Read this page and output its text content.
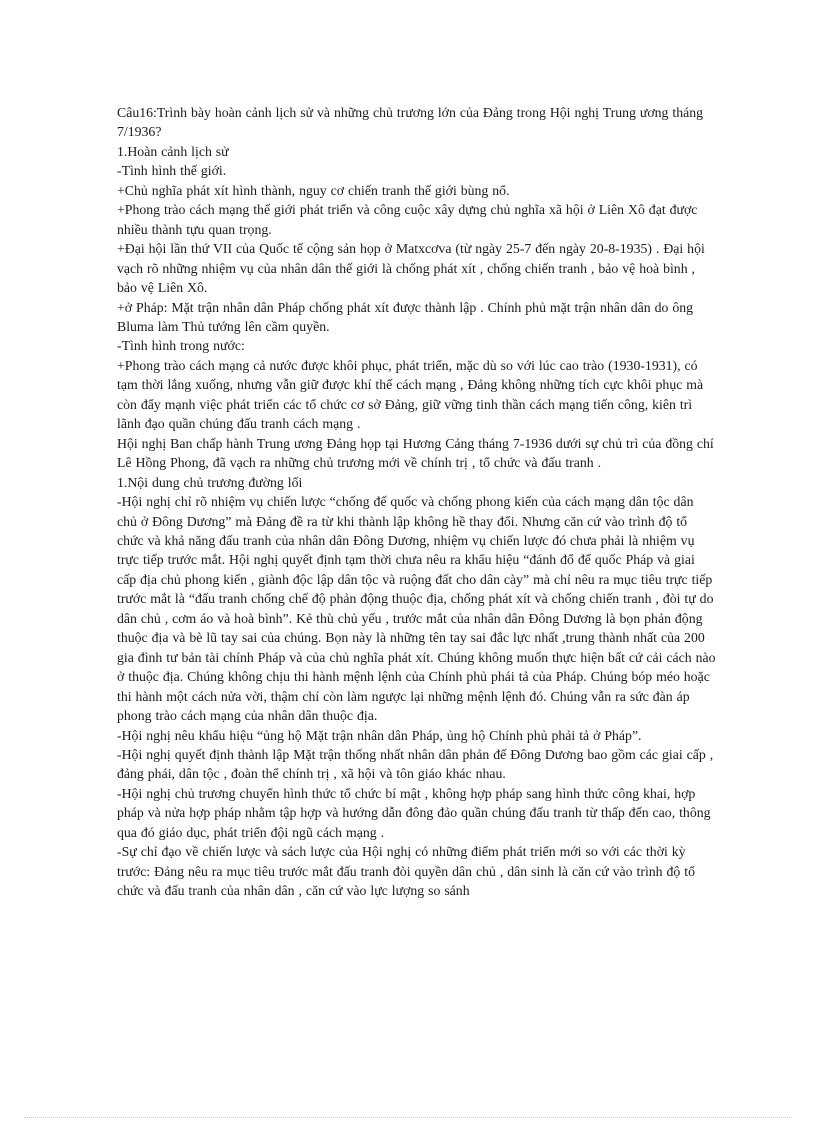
Câu16:Trình bày hoàn cảnh lịch sử và những chủ trương lớn của Đảng trong Hội nghị Trung ương tháng 7/1936?

1.Hoàn cảnh lịch sử

-Tình hình thế giới.

+Chủ nghĩa phát xít hình thành, nguy cơ chiến tranh thế giới bùng nổ.

+Phong trào cách mạng thế giới phát triển và công cuộc xây dựng chủ nghĩa xã hội ở Liên Xô đạt được nhiều thành tựu quan trọng.

+Đại hội lần thứ VII của Quốc tế cộng sản họp ở Matxcơva (từ ngày 25-7 đến ngày 20-8-1935) . Đại hội vạch rõ những nhiệm vụ của nhân dân thế giới là chống phát xít , chống chiến tranh , bảo vệ hoà bình , bảo vệ Liên Xô.

+ở Pháp: Mặt trận nhân dân Pháp chống phát xít được thành lập . Chính phủ mặt trận nhân dân do ông Bluma làm Thủ tướng lên cầm quyền.

-Tình hình trong nước:

+Phong trào cách mạng cả nước được khôi phục, phát triển, mặc dù so với lúc cao trào (1930-1931), có tạm thời lắng xuống, nhưng vẫn giữ được khí thế cách mạng , Đảng không những tích cực khôi phục mà còn đẩy mạnh việc phát triển các tổ chức cơ sở Đảng, giữ vững tinh thần cách mạng tiến công, kiên trì lãnh đạo quần chúng đấu tranh cách mạng .

Hội nghị Ban chấp hành Trung ương Đảng họp tại Hương Cảng tháng 7-1936 dưới sự chủ trì của đồng chí Lê Hồng Phong, đã vạch ra những chủ trương mới về chính trị , tổ chức và đấu tranh .

1.Nội dung chủ trương đường lối

-Hội nghị chỉ rõ nhiệm vụ chiến lược “chống đế quốc và chống phong kiến của cách mạng dân tộc dân chủ ở Đông Dương” mà Đảng đề ra từ khi thành lập không hề thay đổi. Nhưng căn cứ vào trình độ tổ chức và khả năng đấu tranh của nhân dân Đông Dương, nhiệm vụ chiến lược đó chưa phải là nhiệm vụ trực tiếp trước mắt. Hội nghị quyết định tạm thời chưa nêu ra khẩu hiệu “đánh đổ đế quốc Pháp và giai cấp địa chủ phong kiến , giành độc lập dân tộc và ruộng đất cho dân cày” mà chỉ nêu ra mục tiêu trực tiếp trước mắt là “đấu tranh chống chế độ phản động thuộc địa, chống phát xít và chống chiến tranh , đòi tự do dân chủ , cơm áo và hoà bình”. Kẻ thù chủ yếu , trước mắt của nhân dân Đông Dương là bọn phản động thuộc địa và bè lũ tay sai của chúng. Bọn này là những tên tay sai đắc lực nhất ,trung thành nhất của 200 gia đình tư bản tài chính Pháp và của chủ nghĩa phát xít. Chúng không muốn thực hiện bất cứ cải cách nào ở thuộc địa. Chúng không chịu thi hành mệnh lệnh của Chính phủ phái tả của Pháp. Chúng bóp méo hoặc thi hành một cách nửa vời, thậm chí còn làm ngược lại những mệnh lệnh đó. Chúng vẫn ra sức đàn áp phong trào cách mạng của nhân dân thuộc địa.

-Hội nghị nêu khẩu hiệu “ủng hộ Mặt trận nhân dân Pháp, ủng hộ Chính phủ phải tả ở Pháp”.

-Hội nghị quyết định thành lập Mặt trận thống nhất nhân dân phản đế Đông Dương bao gồm các giai cấp , đảng phái, dân tộc , đoàn thể chính trị , xã hội và tôn giáo khác nhau.

-Hội nghị chủ trương chuyển hình thức tổ chức bí mật , không hợp pháp sang hình thức công khai, hợp pháp và nửa hợp pháp nhằm tập hợp và hướng dẫn đông đảo quần chúng đấu tranh từ thấp đến cao, thông qua đó giáo dục, phát triển đội ngũ cách mạng .

-Sự chỉ đạo về chiến lược và sách lược của Hội nghị có những điểm phát triển mới so với các thời kỳ trước: Đảng nêu ra mục tiêu trước mắt đấu tranh đòi quyền dân chủ , dân sinh là căn cứ vào trình độ tổ chức và đấu tranh của nhân dân , căn cứ vào lực lượng so sánh
